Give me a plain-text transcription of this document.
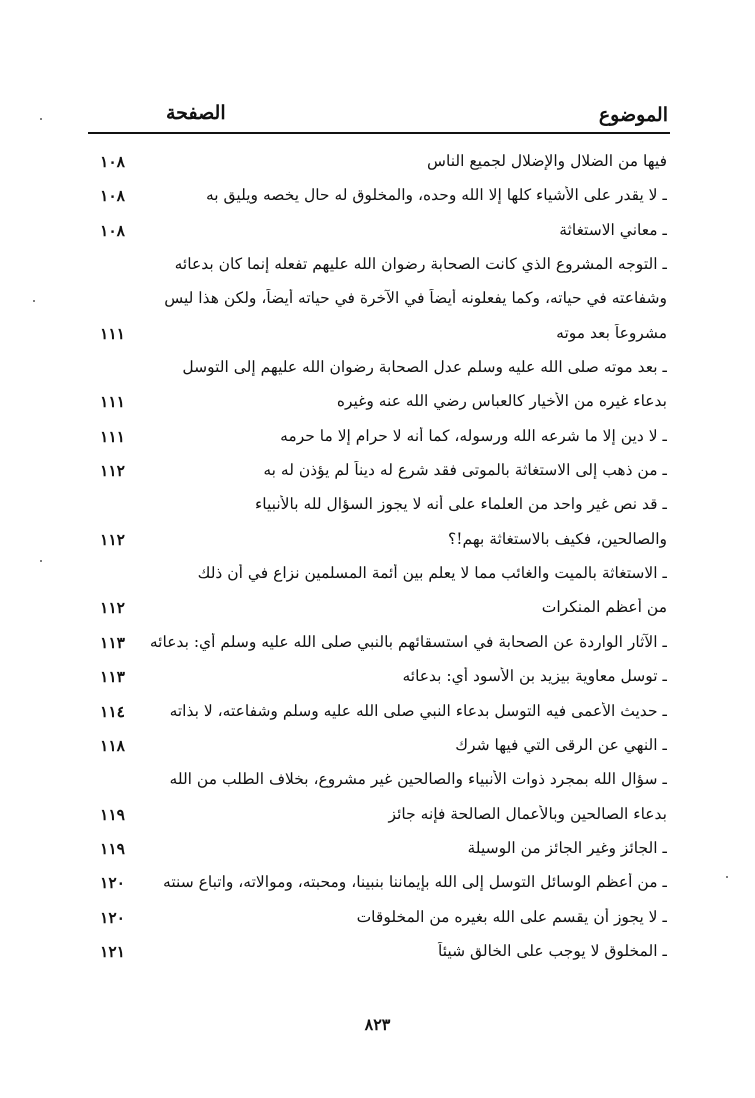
الموضوع
الصفحة
فيها من الضلال والإضلال لجميع الناس
١٠٨
ـ لا يقدر على الأشياء كلها إلا الله وحده، والمخلوق له حال يخصه ويليق به
١٠٨
ـ معاني الاستغاثة
١٠٨
ـ التوجه المشروع الذي كانت الصحابة رضوان الله عليهم تفعله إنما كان بدعائه
وشفاعته في حياته، وكما يفعلونه أيضاً في الآخرة في حياته أيضاً، ولكن هذا ليس
مشروعاً بعد موته
١١١
ـ بعد موته صلى الله عليه وسلم عدل الصحابة رضوان الله عليهم إلى التوسل
بدعاء غيره من الأخيار كالعباس رضي الله عنه وغيره
١١١
ـ لا دين إلا ما شرعه الله ورسوله، كما أنه لا حرام إلا ما حرمه
١١١
ـ من ذهب إلى الاستغاثة بالموتى فقد شرع له ديناً لم يؤذن له به
١١٢
ـ قد نص غير واحد من العلماء على أنه لا يجوز السؤال لله بالأنبياء
والصالحين، فكيف بالاستغاثة بهم!؟
١١٢
ـ الاستغاثة بالميت والغائب مما لا يعلم بين أئمة المسلمين نزاع في أن ذلك
من أعظم المنكرات
١١٢
ـ الآثار الواردة عن الصحابة في استسقائهم بالنبي صلى الله عليه وسلم أي: بدعائه
١١٣
ـ توسل معاوية بيزيد بن الأسود أي: بدعائه
١١٣
ـ حديث الأعمى فيه التوسل بدعاء النبي صلى الله عليه وسلم وشفاعته، لا بذاته
١١٤
ـ النهي عن الرقى التي فيها شرك
١١٨
ـ سؤال الله بمجرد ذوات الأنبياء والصالحين غير مشروع، بخلاف الطلب من الله
بدعاء الصالحين وبالأعمال الصالحة فإنه جائز
١١٩
ـ الجائز وغير الجائز من الوسيلة
١١٩
ـ من أعظم الوسائل التوسل إلى الله بإيماننا بنبينا، ومحبته، وموالاته، واتباع سنته
١٢٠
ـ لا يجوز أن يقسم على الله بغيره من المخلوقات
١٢٠
ـ المخلوق لا يوجب على الخالق شيئاً
١٢١
٨٢٣
